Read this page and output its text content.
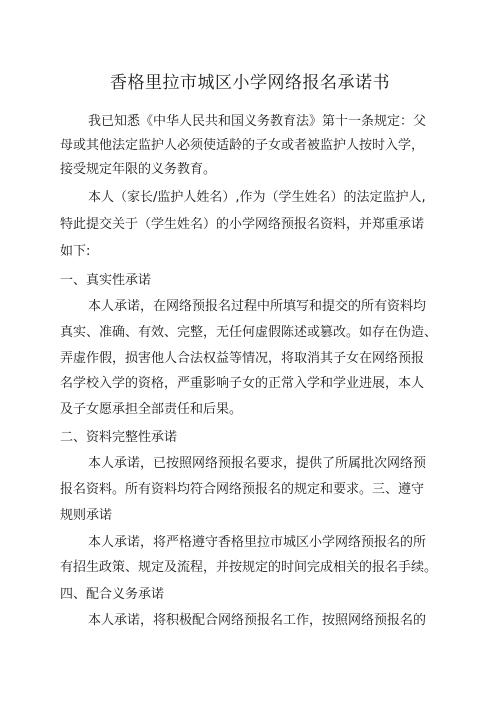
香格里拉市城区小学网络报名承诺书
我已知悉《中华人民共和国义务教育法》第十一条规定：父
母或其他法定监护人必须使适龄的子女或者被监护人按时入学，
接受规定年限的义务教育。
本人（家长/监护人姓名）,作为（学生姓名）的法定监护人,
特此提交关于（学生姓名）的小学网络预报名资料，并郑重承诺
如下:
一、真实性承诺
本人承诺，在网络预报名过程中所填写和提交的所有资料均
真实、准确、有效、完整，无任何虚假陈述或篡改。如存在伪造、
弄虚作假，损害他人合法权益等情况，将取消其子女在网络预报
名学校入学的资格，严重影响子女的正常入学和学业进展，本人
及子女愿承担全部责任和后果。
二、资料完整性承诺
本人承诺，已按照网络预报名要求，提供了所属批次网络预
报名资料。所有资料均符合网络预报名的规定和要求。三、遵守
规则承诺
本人承诺，将严格遵守香格里拉市城区小学网络预报名的所
有招生政策、规定及流程，并按规定的时间完成相关的报名手续。
四、配合义务承诺
本人承诺，将积极配合网络预报名工作，按照网络预报名的
